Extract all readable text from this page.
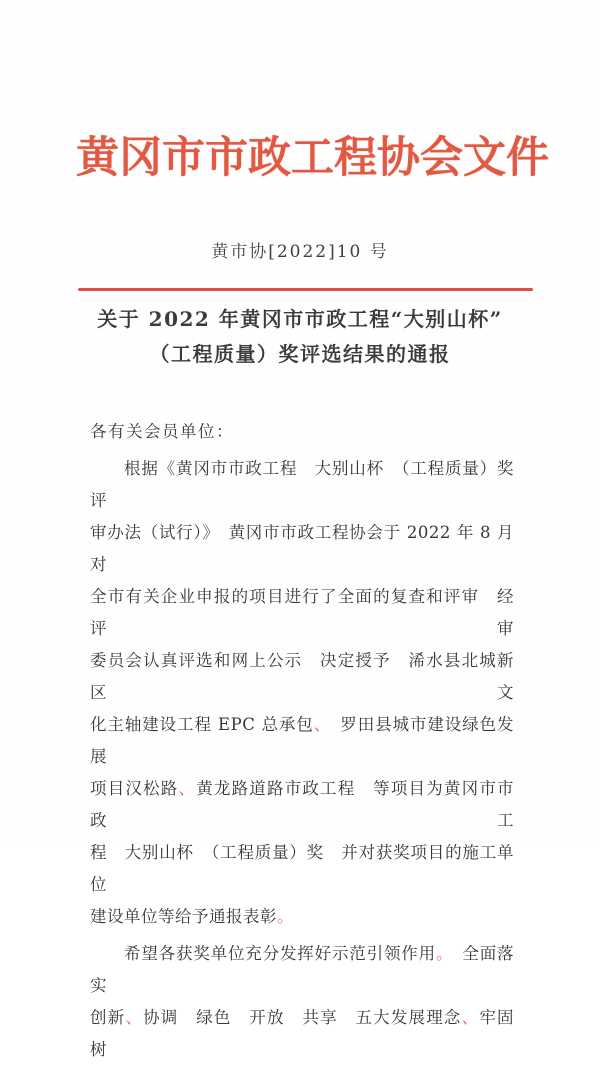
黄冈市市政工程协会文件
黄市协[2022]10 号
关于 2022 年黄冈市市政工程“大别山杯”
（工程质量）奖评选结果的通报
各有关会员单位：
根据《黄冈市市政工程　大别山杯　（工程质量）奖评
审办法（试行）》　黄冈市市政工程协会于 2022 年 8 月对
全市有关企业申报的项目进行了全面的复查和评审　经评审
委员会认真评选和网上公示　决定授予　浠水县北城新区文
化主轴建设工程 EPC 总承包、　罗田县城市建设绿色发展
项目汉松路、黄龙路道路市政工程　等项目为黄冈市市政工
程　大别山杯　（工程质量）奖　并对获奖项目的施工单位
建设单位等给予通报表彰。
希望各获奖单位充分发挥好示范引领作用。　全面落实
创新、协调　绿色　开放　共享　五大发展理念、牢固树
